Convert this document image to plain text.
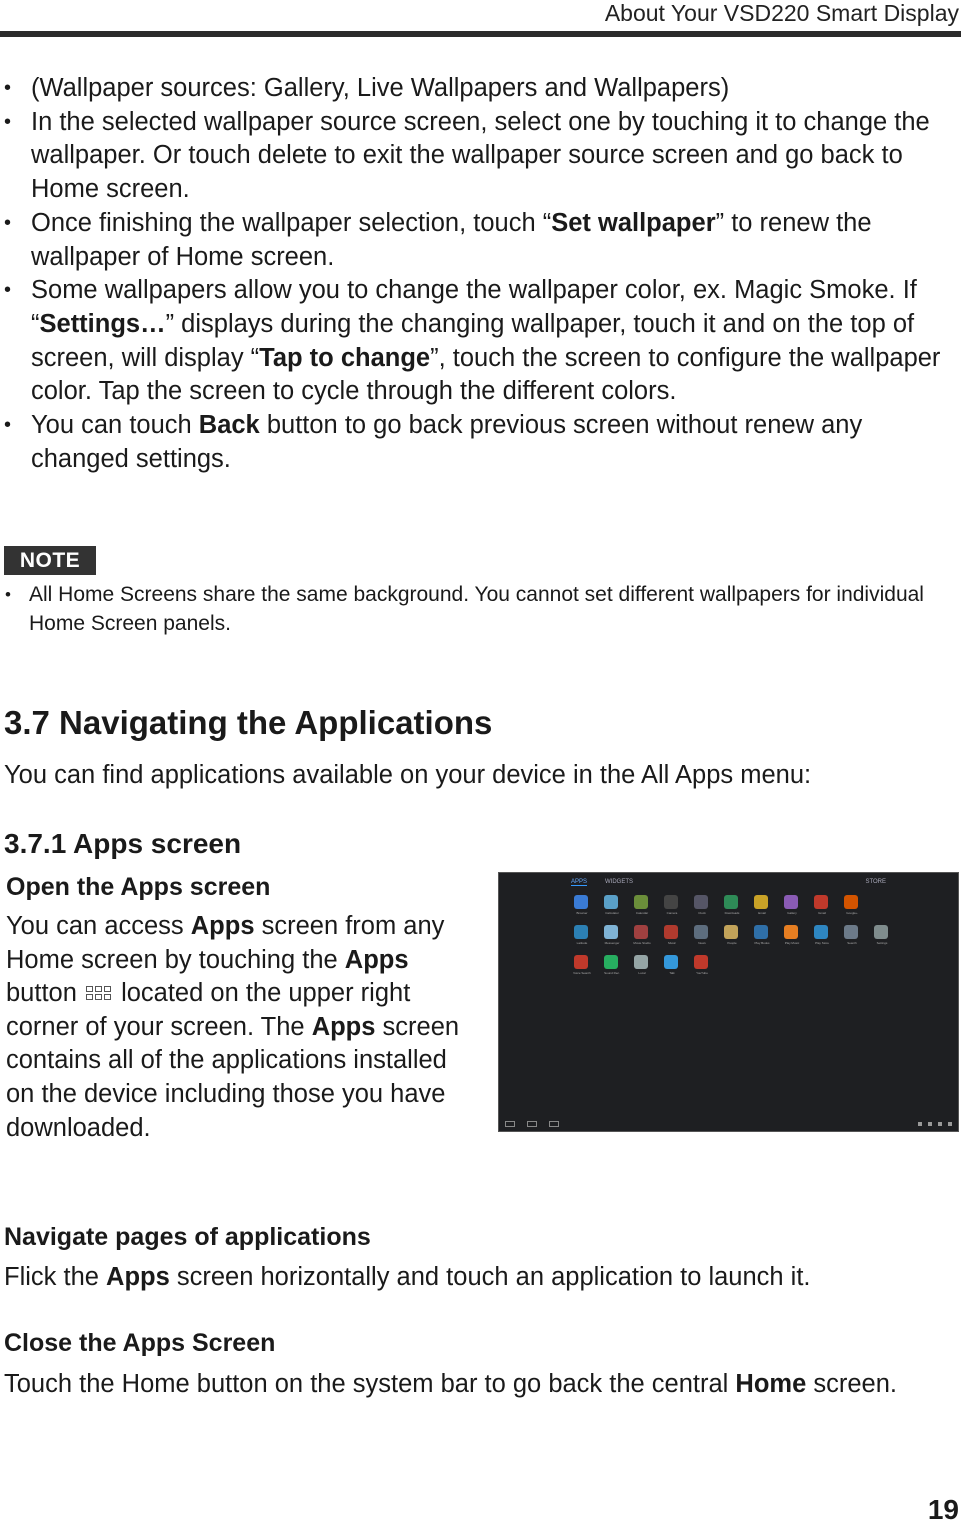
About Your VSD220 Smart Display
• (Wallpaper sources: Gallery, Live Wallpapers and Wallpapers)
• In the selected wallpaper source screen, select one by touching it to change the wallpaper. Or touch delete to exit the wallpaper source screen and go back to Home screen.
• Once finishing the wallpaper selection, touch “Set wallpaper” to renew the wallpaper of Home screen.
• Some wallpapers allow you to change the wallpaper color, ex. Magic Smoke. If “Settings…” displays during the changing wallpaper, touch it and on the top of screen, will display “Tap to change”, touch the screen to configure the wallpaper color. Tap the screen to cycle through the different colors.
• You can touch Back button to go back previous screen without renew any changed settings.
NOTE
• All Home Screens share the same background. You cannot set different wallpapers for individual Home Screen panels.
3.7 Navigating the Applications
You can find applications available on your device in the All Apps menu:
3.7.1 Apps screen
Open the Apps screen
You can access Apps screen from any Home screen by touching the Apps button
located on the upper right corner of your screen. The Apps screen contains all of the applications installed on the device including those you have downloaded.
APPS	WIDGETS	STORE
Browser	Calculator	Calendar	Camera	Clock	Downloads	Email	Gallery	Gmail	Google+
Latitude	Messenger	Movie Studio	Music	News	People	Play Books	Play Music	Play Store	Search	Settings
Voice Search	Sound Rec.	Local	Talk	YouTube
Navigate pages of applications
Flick the Apps screen horizontally and touch an application to launch it.
Close the Apps Screen
Touch the Home button on the system bar to go back the central Home screen.
19
